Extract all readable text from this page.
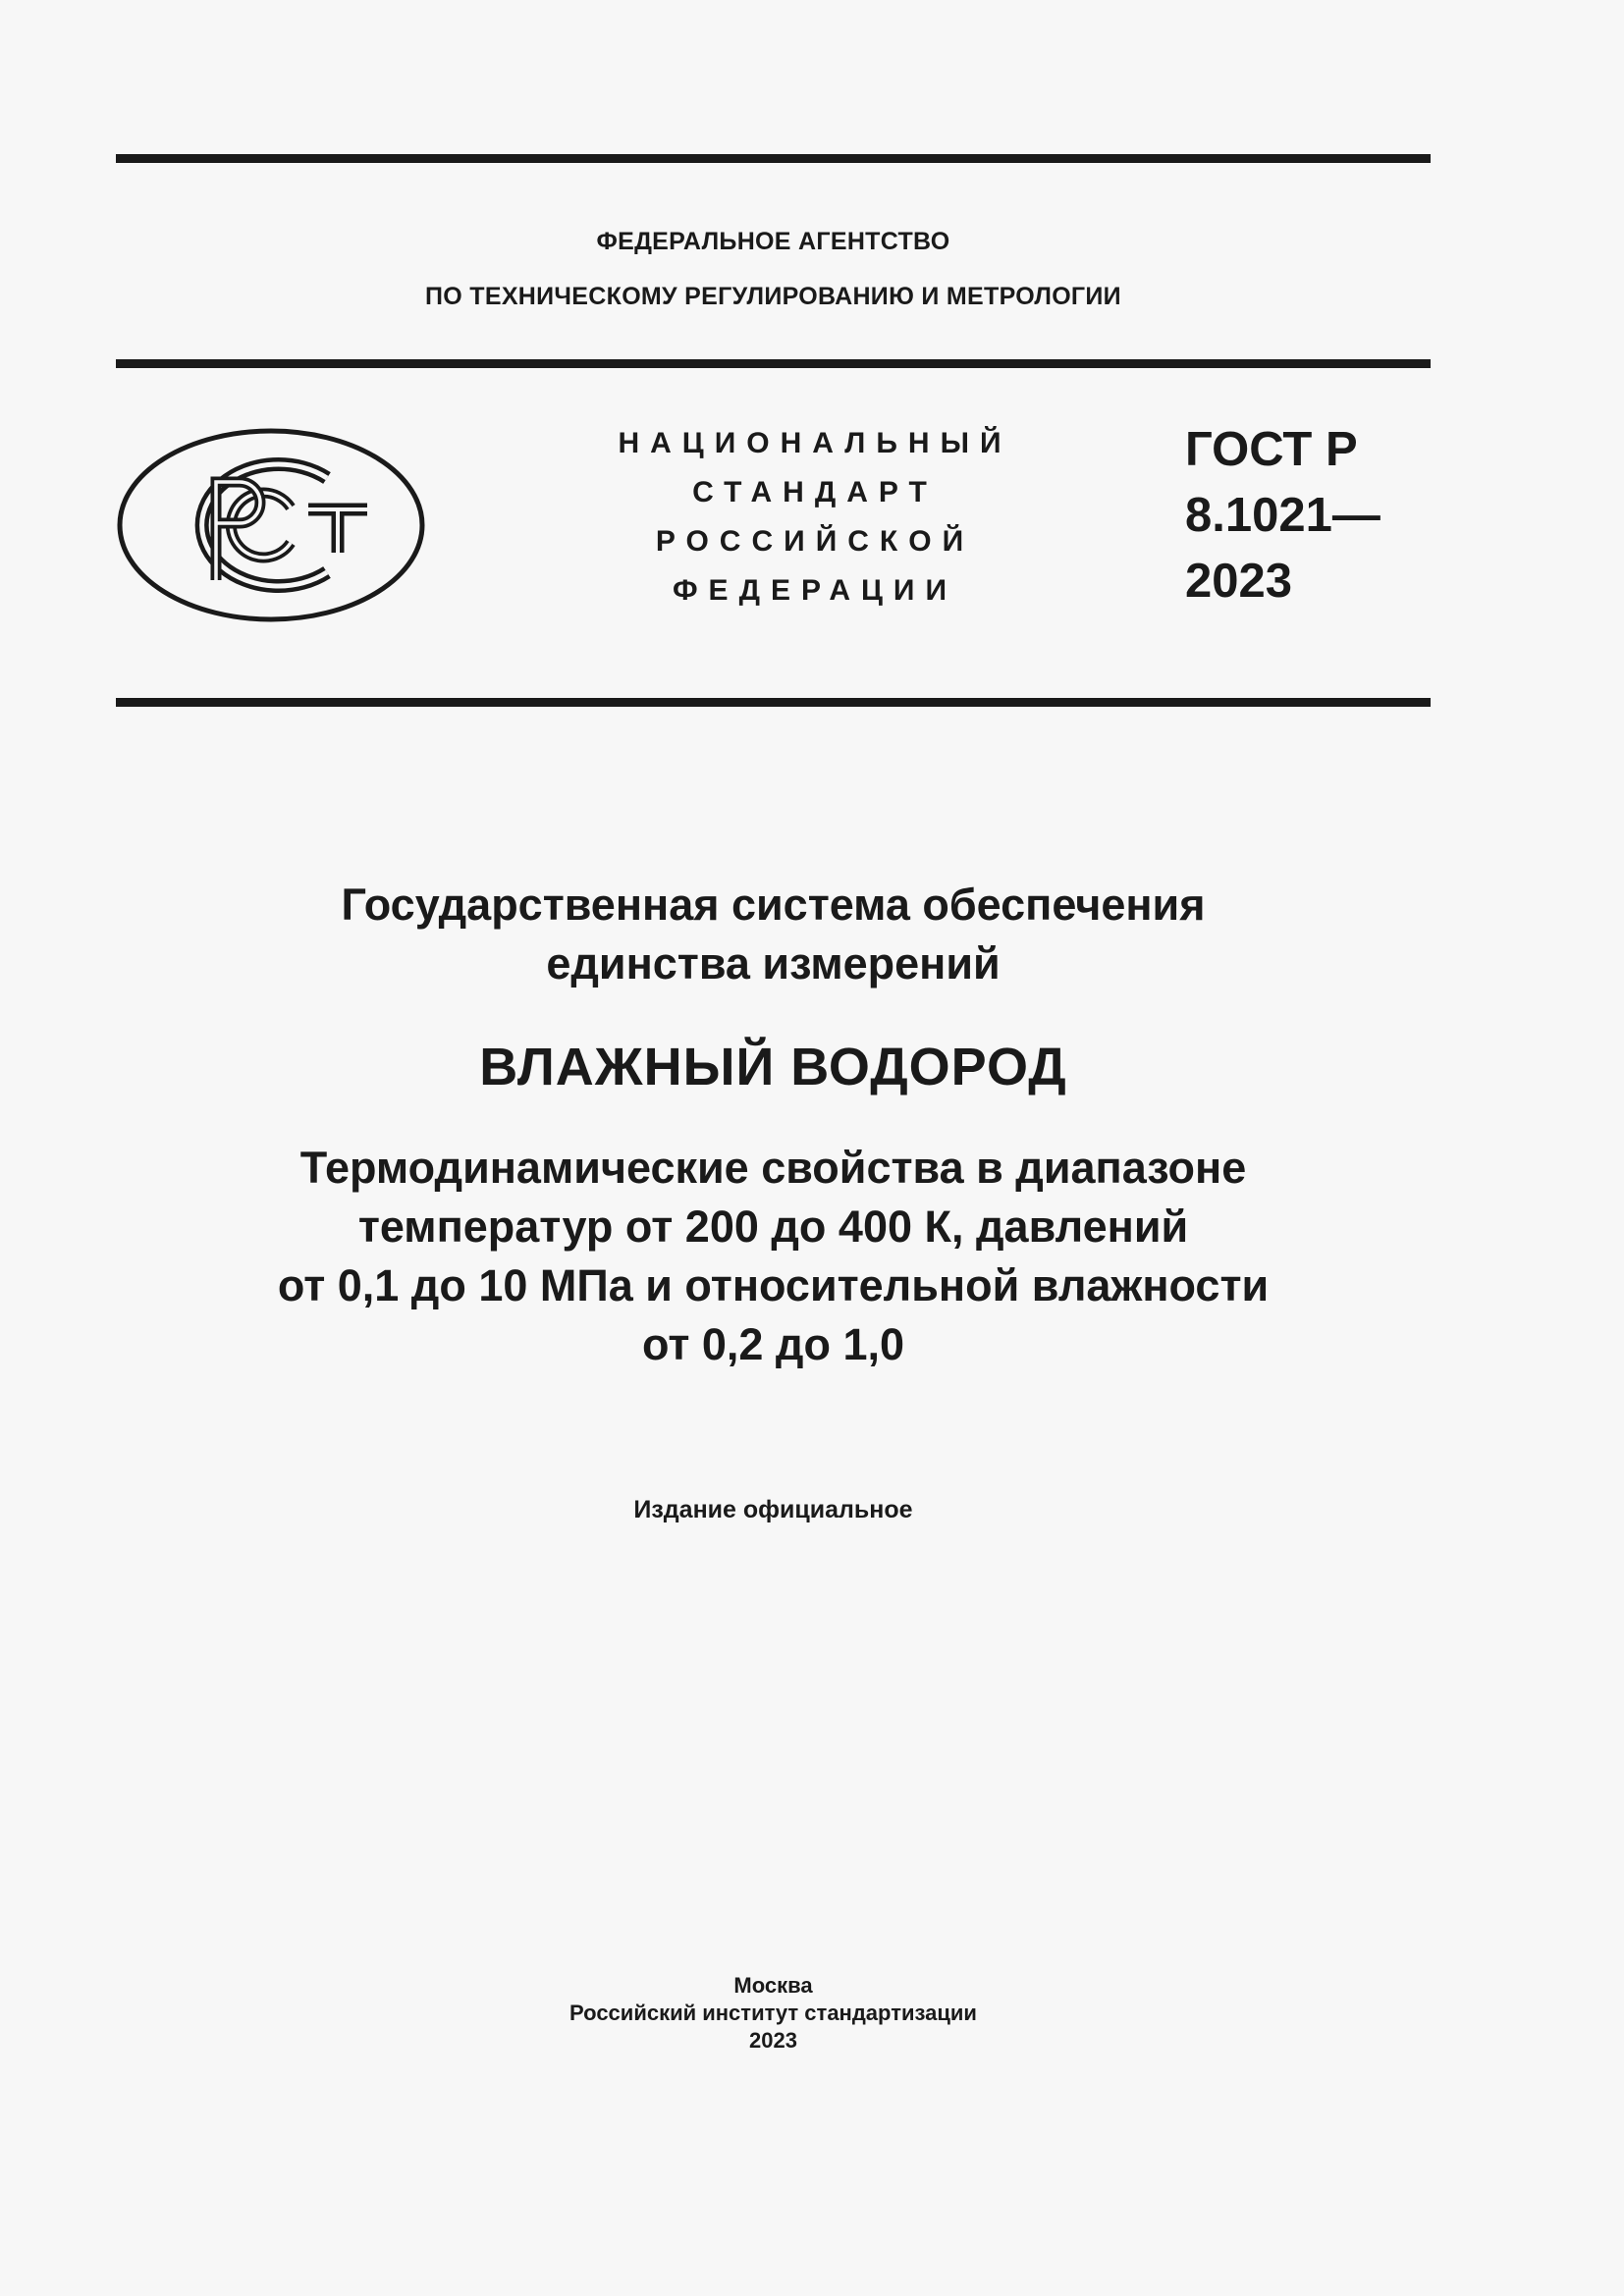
ФЕДЕРАЛЬНОЕ АГЕНТСТВО
ПО ТЕХНИЧЕСКОМУ РЕГУЛИРОВАНИЮ И МЕТРОЛОГИИ
НАЦИОНАЛЬНЫЙ
СТАНДАРТ
РОССИЙСКОЙ
ФЕДЕРАЦИИ
ГОСТ Р
8.1021—
2023
Государственная система обеспечения
единства измерений
ВЛАЖНЫЙ ВОДОРОД
Термодинамические свойства в диапазоне
температур от 200 до 400 К, давлений
от 0,1 до 10 МПа и относительной влажности
от 0,2 до 1,0
Издание официальное
Москва
Российский институт стандартизации
2023
